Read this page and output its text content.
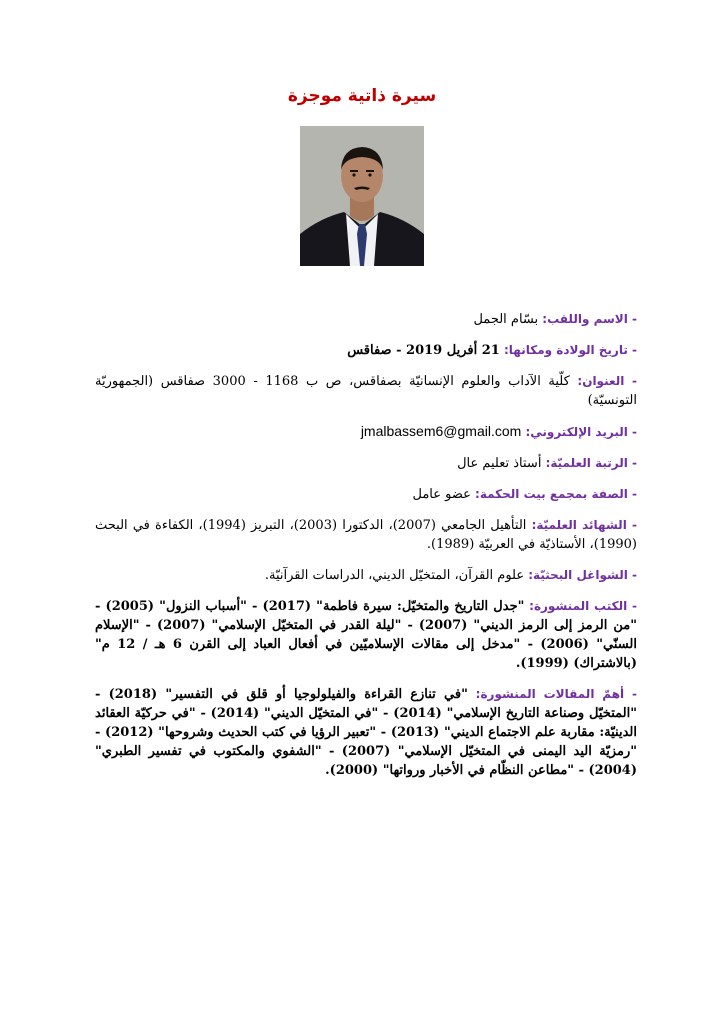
سيرة ذاتية موجزة
- الاسم واللقب: بسّام الجمل
- تاريخ الولادة ومكانها: 21 أفريل 2019 - صفاقس
- العنوان: كلّية الآداب والعلوم الإنسانيّة بصفاقس، ص ب 1168 - 3000 صفاقس (الجمهوريّة التونسيّة)
- البريد الإلكتروني: jmalbassem6@gmail.com
- الرتبة العلميّة: أستاذ تعليم عال
- الصفة بمجمع بيت الحكمة: عضو عامل
- الشهائد العلميّة: التأهيل الجامعي (2007)، الدكتورا (2003)، التبريز (1994)، الكفاءة في البحث (1990)، الأستاذيّة في العربيّة (1989).
- الشواغل البحثيّة: علوم القرآن، المتخيّل الديني، الدراسات القرآنيّة.
- الكتب المنشورة: "جدل التاريخ والمتخيّل: سيرة فاطمة" (2017) - "أسباب النزول" (2005) - "من الرمز إلى الرمز الديني" (2007) - "ليلة القدر في المتخيّل الإسلامي" (2007) - "الإسلام السنّي" (2006) - "مدخل إلى مقالات الإسلاميّين في أفعال العباد إلى القرن 6 هـ / 12 م" (بالاشتراك) (1999).
- أهمّ المقالات المنشورة: "في تنازع القراءة والفيلولوجيا أو قلق في التفسير" (2018) - "المتخيّل وصناعة التاريخ الإسلامي" (2014) - "في المتخيّل الديني" (2014) - "في حركيّة العقائد الدينيّة: مقاربة علم الاجتماع الديني" (2013) - "تعبير الرؤيا في كتب الحديث وشروحها" (2012) - "رمزيّة اليد اليمنى في المتخيّل الإسلامي" (2007) - "الشفوي والمكتوب في تفسير الطبري" (2004) - "مطاعن النظّام في الأخبار ورواتها" (2000).
